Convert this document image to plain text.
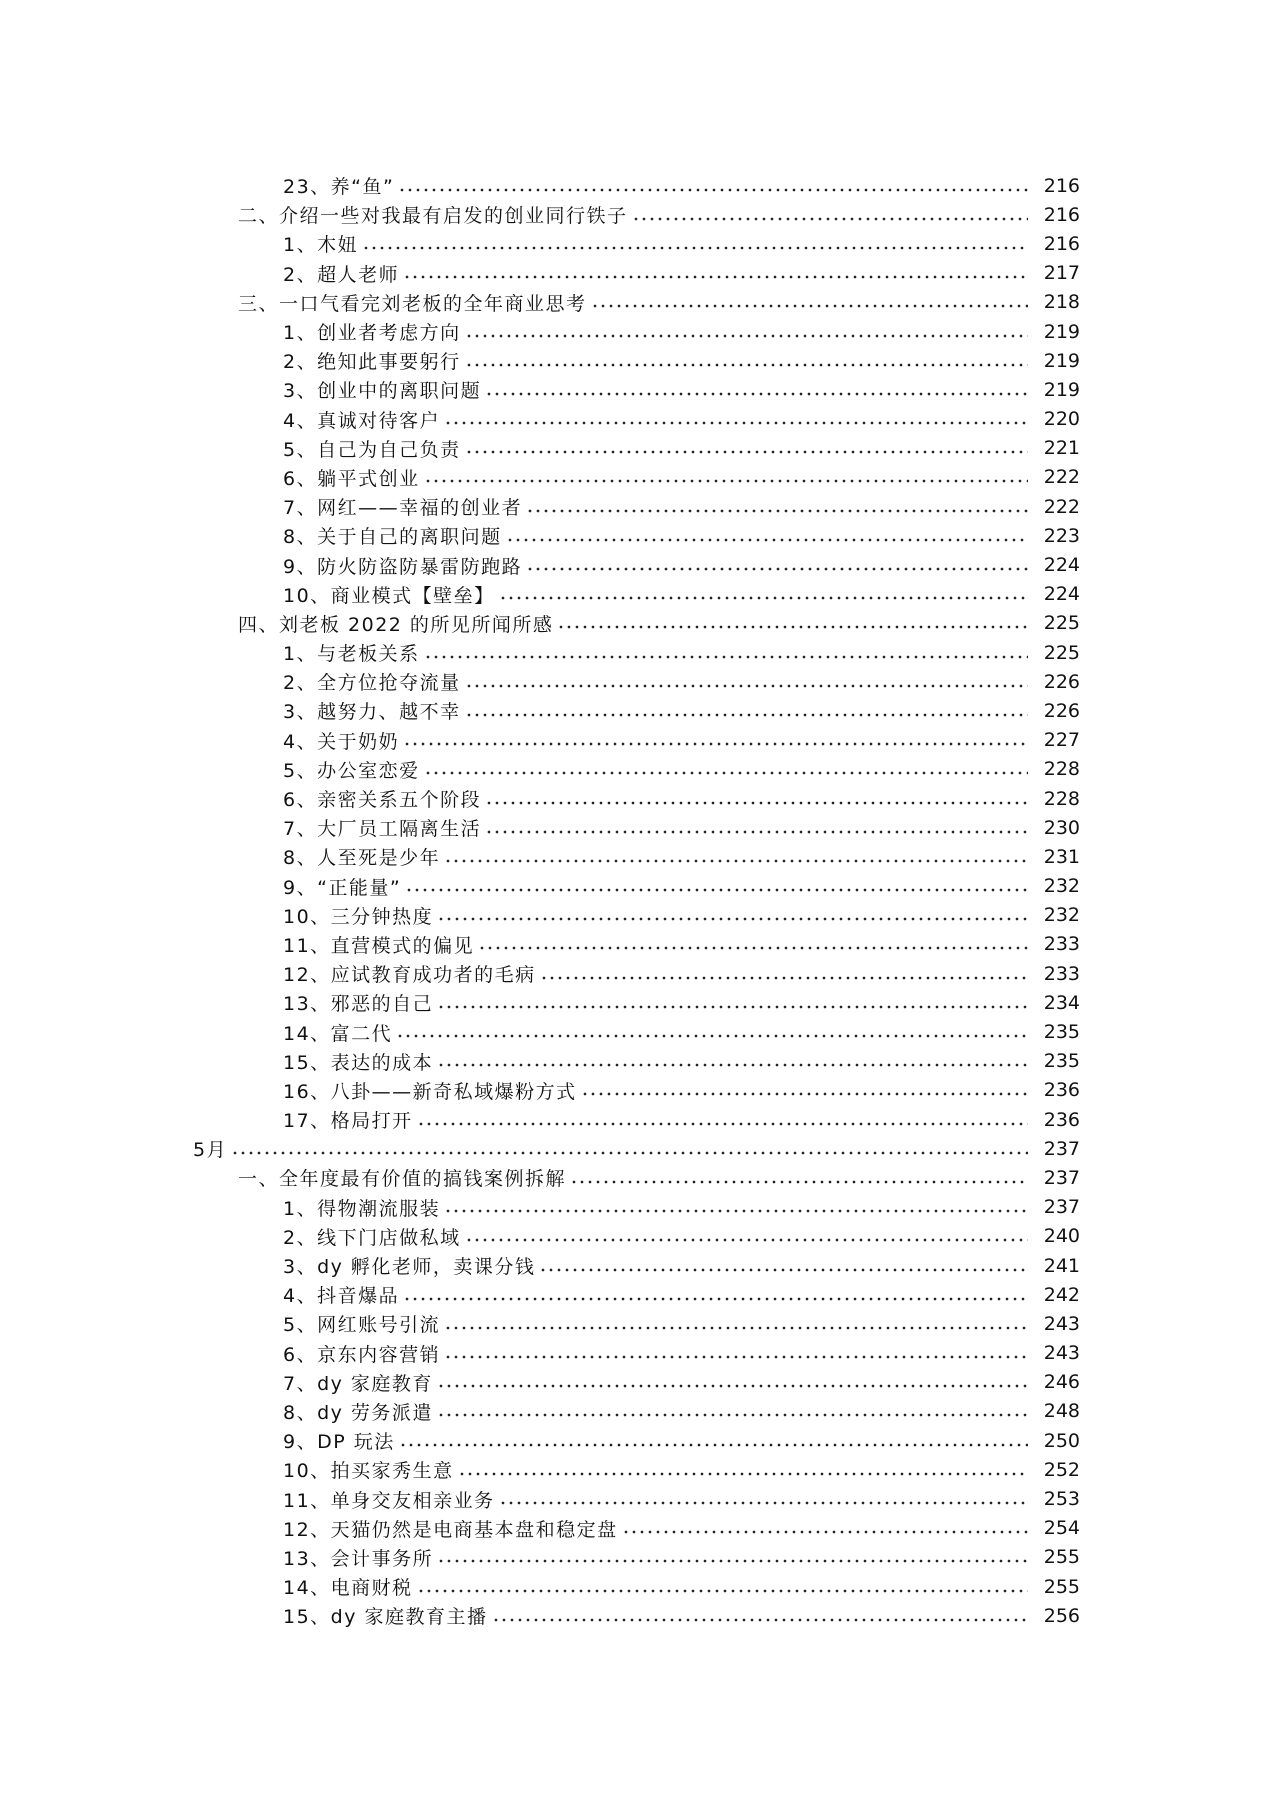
23、养“鱼”	216
二、介绍一些对我最有启发的创业同行铁子	216
1、木妞	216
2、超人老师	217
三、一口气看完刘老板的全年商业思考	218
1、创业者考虑方向	219
2、绝知此事要躬行	219
3、创业中的离职问题	219
4、真诚对待客户	220
5、自己为自己负责	221
6、躺平式创业	222
7、网红——幸福的创业者	222
8、关于自己的离职问题	223
9、防火防盗防暴雷防跑路	224
10、商业模式【壁垒】	224
四、刘老板 2022 的所见所闻所感	225
1、与老板关系	225
2、全方位抢夺流量	226
3、越努力、越不幸	226
4、关于奶奶	227
5、办公室恋爱	228
6、亲密关系五个阶段	228
7、大厂员工隔离生活	230
8、人至死是少年	231
9、“正能量”	232
10、三分钟热度	232
11、直营模式的偏见	233
12、应试教育成功者的毛病	233
13、邪恶的自己	234
14、富二代	235
15、表达的成本	235
16、八卦——新奇私域爆粉方式	236
17、格局打开	236
5月	237
一、全年度最有价值的搞钱案例拆解	237
1、得物潮流服装	237
2、线下门店做私域	240
3、dy 孵化老师，卖课分钱	241
4、抖音爆品	242
5、网红账号引流	243
6、京东内容营销	243
7、dy 家庭教育	246
8、dy 劳务派遣	248
9、DP 玩法	250
10、拍买家秀生意	252
11、单身交友相亲业务	253
12、天猫仍然是电商基本盘和稳定盘	254
13、会计事务所	255
14、电商财税	255
15、dy 家庭教育主播	256
